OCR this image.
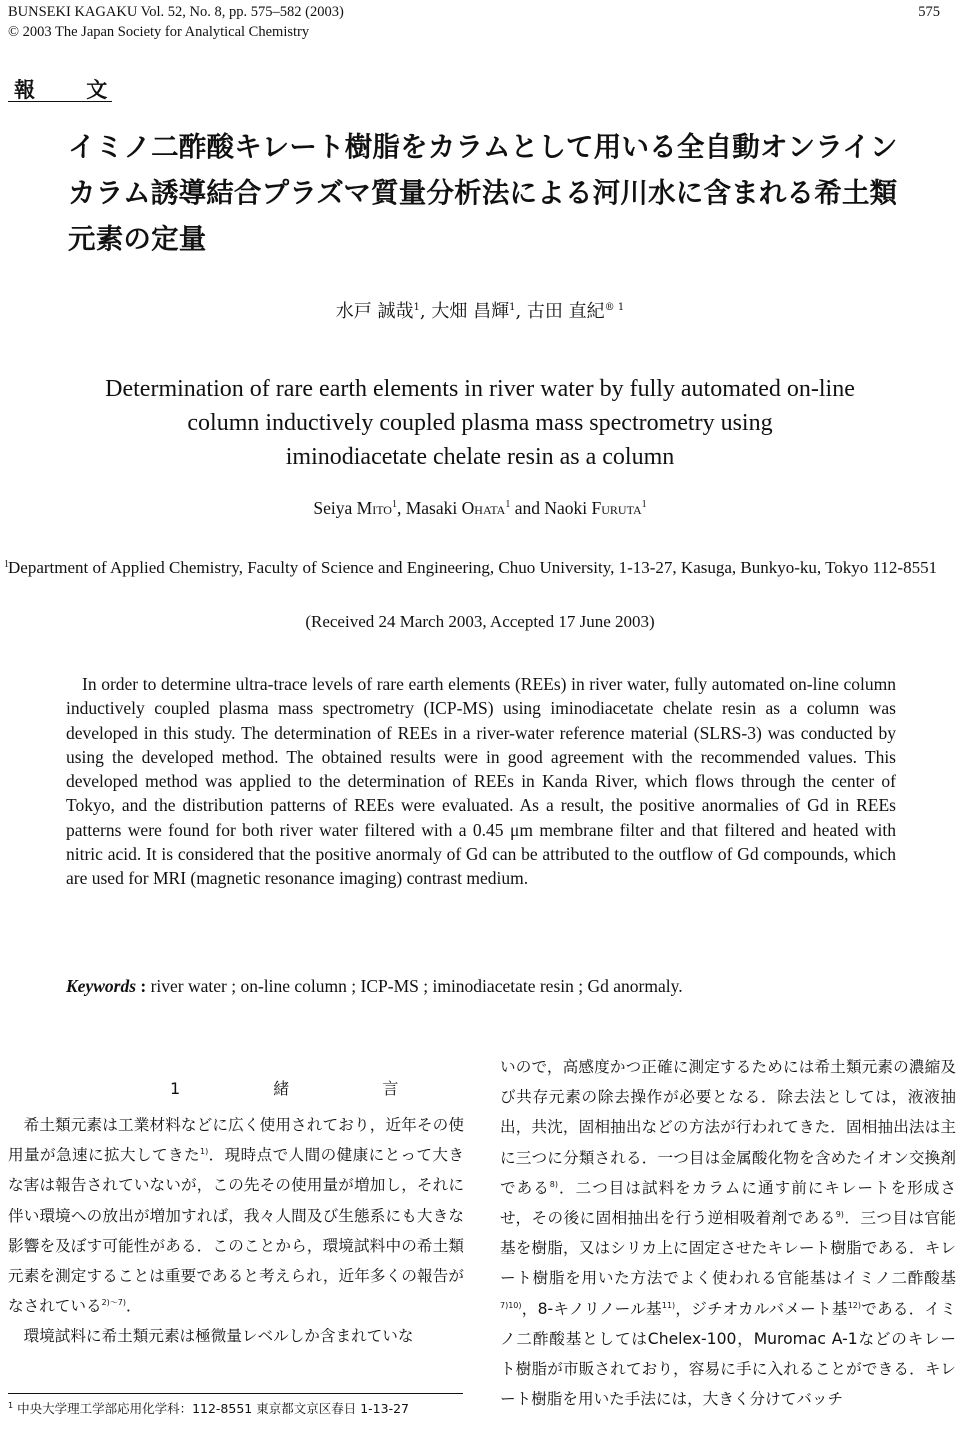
BUNSEKI KAGAKU Vol. 52, No. 8, pp. 575–582 (2003)
© 2003 The Japan Society for Analytical Chemistry
575
報 文
イミノ二酢酸キレート樹脂をカラムとして用いる全自動オンライン
カラム誘導結合プラズマ質量分析法による河川水に含まれる希土類
元素の定量
水戸 誠哉$^1$, 大畑 昌輝$^1$, 古田 直紀$^{® 1}$
Determination of rare earth elements in river water by fully automated on-line
column inductively coupled plasma mass spectrometry using
iminodiacetate chelate resin as a column
Seiya Mito$^1$, Masaki Ohata$^1$ and Naoki Furuta$^1$
1 Department of Applied Chemistry, Faculty of Science and Engineering, Chuo University, 1‐13‐27, Kasuga, Bunkyo-ku, Tokyo 112‐8551
(Received 24 March 2003, Accepted 17 June 2003)
In order to determine ultra-trace levels of rare earth elements (REEs) in river water, fully automated on-line column inductively coupled plasma mass spectrometry (ICP-MS) using iminodiacetate chelate resin as a column was developed in this study. The determination of REEs in a river-water reference material (SLRS-3) was conducted by using the developed method. The obtained results were in good agreement with the recommended values. This developed method was applied to the determination of REEs in Kanda River, which flows through the center of Tokyo, and the distribution patterns of REEs were evaluated. As a result, the positive anormalies of Gd in REEs patterns were found for both river water filtered with a 0.45 μm membrane filter and that filtered and heated with nitric acid. It is considered that the positive anormaly of Gd can be attributed to the outflow of Gd compounds, which are used for MRI (magnetic resonance imaging) contrast medium.
Keywords : river water ; on-line column ; ICP-MS ; iminodiacetate resin ; Gd anormaly.
1 緒 言

希土類元素は工業材料などに広く使用されており，近年その使用量が急速に拡大してきた$^{1)}$．現時点で人間の健康にとって大きな害は報告されていないが，この先その使用量が増加し，それに伴い環境への放出が増加すれば，我々人間及び生態系にも大きな影響を及ぼす可能性がある．このことから，環境試料中の希土類元素を測定することは重要であると考えられ，近年多くの報告がなされている$^{2)〜7)}$．

環境試料に希土類元素は極微量レベルしか含まれていな

いので，高感度かつ正確に測定するためには希土類元素の濃縮及び共存元素の除去操作が必要となる．除去法としては，液液抽出，共沈，固相抽出などの方法が行われてきた．固相抽出法は主に三つに分類される．一つ目は金属酸化物を含めたイオン交換剤である$^{8)}$．二つ目は試料をカラムに通す前にキレートを形成させ，その後に固相抽出を行う逆相吸着剤である$^{9)}$．三つ目は官能基を樹脂，又はシリカ上に固定させたキレート樹脂である．キレート樹脂を用いた方法でよく使われる官能基はイミノ二酢酸基$^{7)10)}$，8-キノリノール基$^{11)}$，ジチオカルバメート基$^{12)}$である．イミノ二酢酸基としてはChelex-100，Muromac A-1などのキレート樹脂が市販されており，容易に手に入れることができる．キレート樹脂を用いた手法には，大きく分けてバッチ

$^1$ 中央大学理工学部応用化学科：112‐8551 東京都文京区春日 1‐13‐27
